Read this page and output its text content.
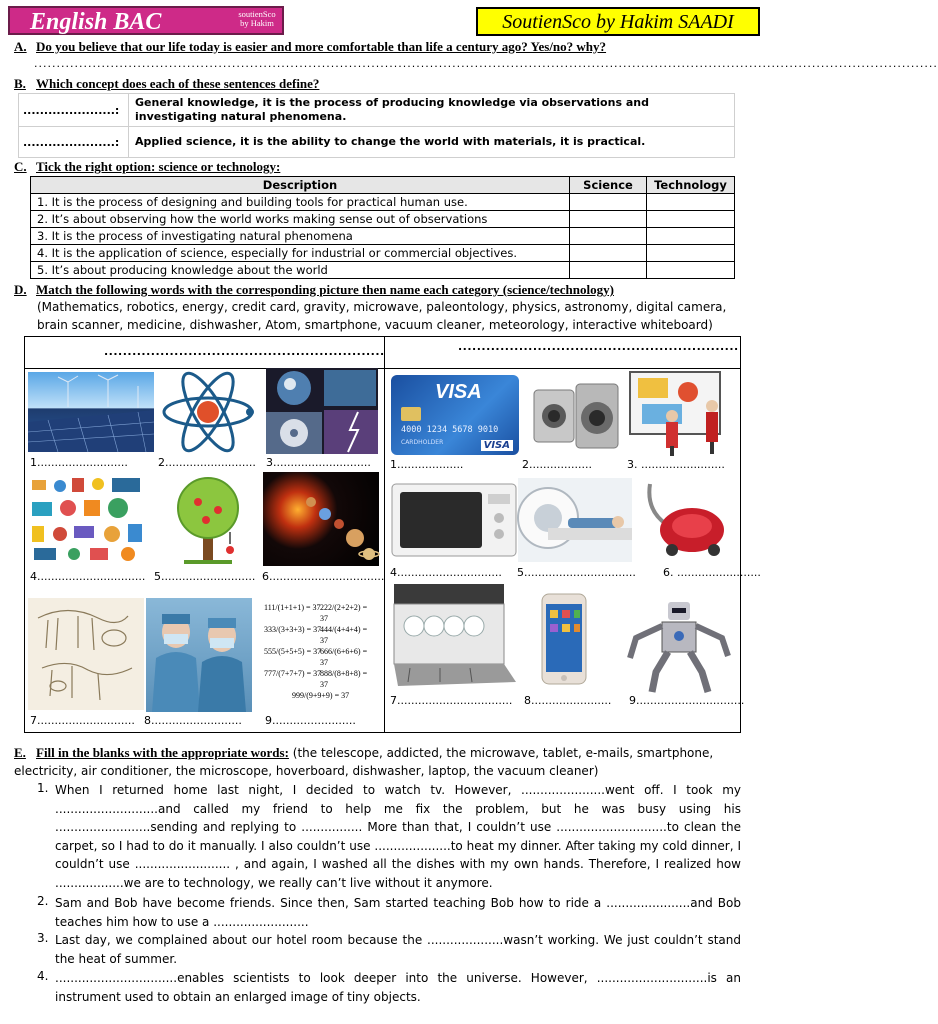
English BAC	soutienSco
by Hakim	SoutienSco by Hakim SAADI
A. Do you believe that our life today is easier and more comfortable than life a century ago? Yes/no? why?
.........................................................................................................................................................................................................
B. Which concept does each of these sentences define?
......................:	General knowledge, it is the process of producing knowledge via observations and investigating natural phenomena.
......................:	Applied science, it is the ability to change the world with materials, it is practical.
C. Tick the right option: science or technology:
Description	Science	Technology
1. It is the process of designing and building tools for practical human use.		
2. It’s about observing how the world works making sense out of observations		
3. It is the process of investigating natural phenomena		
4. It is the application of science, especially for industrial or commercial objectives.		
5. It’s about producing knowledge about the world		
D. Match the following words with the corresponding picture then name each category (science/technology)
(Mathematics, robotics, energy, credit card, gravity, microwave, paleontology, physics, astronomy, digital camera, brain scanner, medicine, dishwasher, Atom, smartphone, vacuum cleaner, meteorology, interactive whiteboard)
............................................................	............................................................
1..........................	2.......................... 3............................
4............................... 5........................... 6.................................
111/(1+1+1) = 37 222/(2+2+2) = 37
333/(3+3+3) = 37
444/(4+4+4) = 37
555/(5+5+5) = 37
666/(6+6+6) = 37
777/(7+7+7) = 37
888/(8+8+8) = 37
999/(9+9+9) = 37
7............................ 8.......................... 9........................
VISA
4000 1234 5678 9010
CARDHOLDER	VISA
1...................	2..................	3. ........................
4.............................. 5................................ 6. ........................
7................................. 8....................... 9...............................
E. Fill in the blanks with the appropriate words: (the telescope, addicted, the microwave, tablet, e-mails, smartphone, electricity, air conditioner, the microscope, hoverboard, dishwasher, laptop, the vacuum cleaner)
1. When I returned home last night, I decided to watch tv. However, ......................went off. I took my ...........................and called my friend to help me fix the problem, but he was busy using his .........................sending and replying to ................ More than that, I couldn’t use .............................to clean the carpet, so I had to do it manually. I also couldn’t use ....................to heat my dinner. After taking my cold dinner, I couldn’t use ......................... , and again, I washed all the dishes with my own hands. Therefore, I realized how ..................we are to technology, we really can’t live without it anymore.
2. Sam and Bob have become friends. Since then, Sam started teaching Bob how to ride a ......................and Bob teaches him how to use a .........................
3. Last day, we complained about our hotel room because the ....................wasn’t working. We just couldn’t stand the heat of summer.
4. ................................enables scientists to look deeper into the universe. However, .............................is an instrument used to obtain an enlarged image of tiny objects.
